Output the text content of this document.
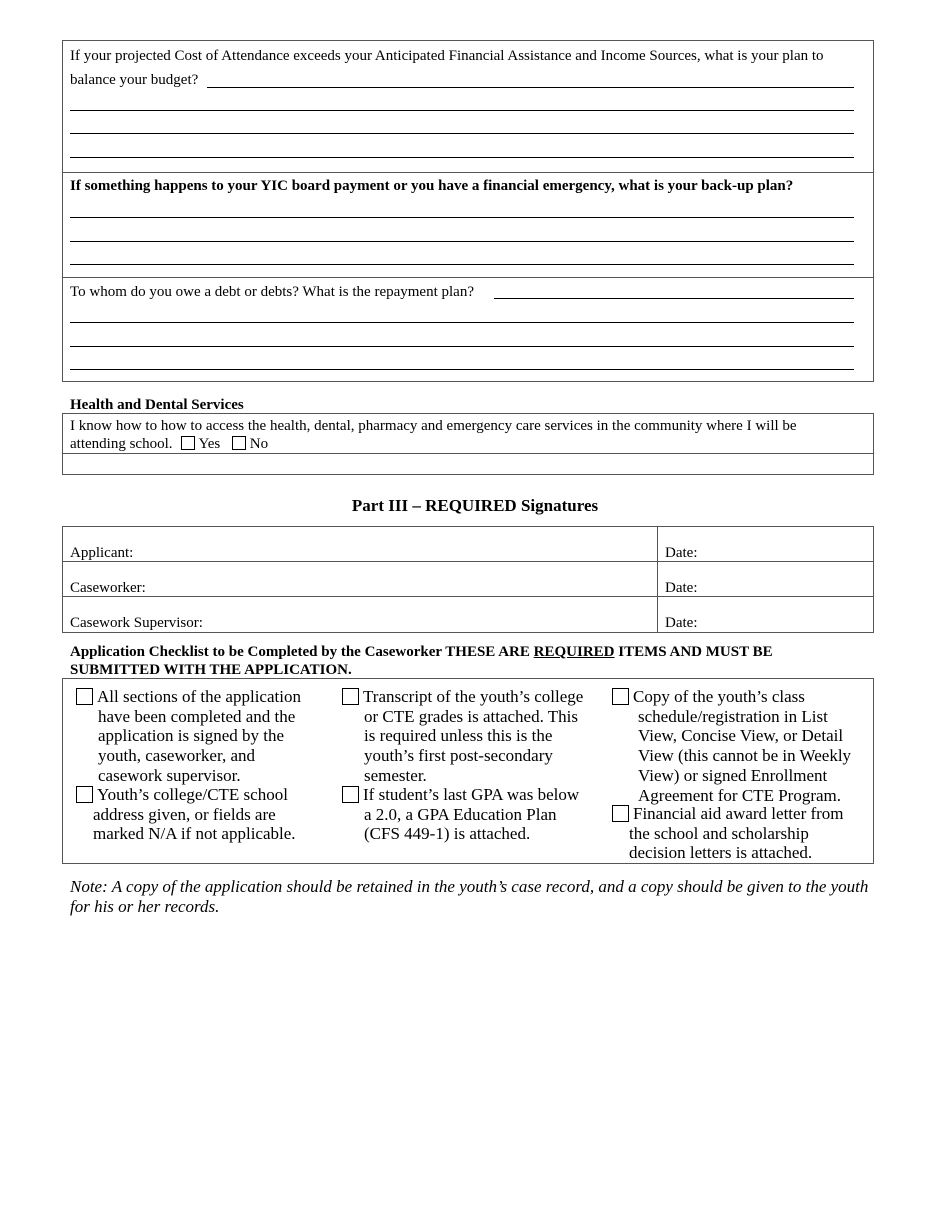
If your projected Cost of Attendance exceeds your Anticipated Financial Assistance and Income Sources, what is your plan to
balance your budget?
If something happens to your YIC board payment or you have a financial emergency, what is your back-up plan?
To whom do you owe a debt or debts? What is the repayment plan?
Health and Dental Services
I know how to how to access the health, dental, pharmacy and emergency care services in the community where I will be
attending school. Yes No
Part III – REQUIRED Signatures
Applicant:	Date:
Caseworker:	Date:
Casework Supervisor:	Date:
Application Checklist to be Completed by the Caseworker THESE ARE REQUIRED ITEMS AND MUST BE
SUBMITTED WITH THE APPLICATION.
All sections of the application
have been completed and the
application is signed by the
youth, caseworker, and
casework supervisor.
Youth’s college/CTE school
address given, or fields are
marked N/A if not applicable.
Transcript of the youth’s college
or CTE grades is attached. This
is required unless this is the
youth’s first post-secondary
semester.
If student’s last GPA was below
a 2.0, a GPA Education Plan
(CFS 449-1) is attached.
Copy of the youth’s class
schedule/registration in List
View, Concise View, or Detail
View (this cannot be in Weekly
View) or signed Enrollment
Agreement for CTE Program.
Financial aid award letter from
the school and scholarship
decision letters is attached.
Note: A copy of the application should be retained in the youth’s case record, and a copy should be given to the youth
for his or her records.
